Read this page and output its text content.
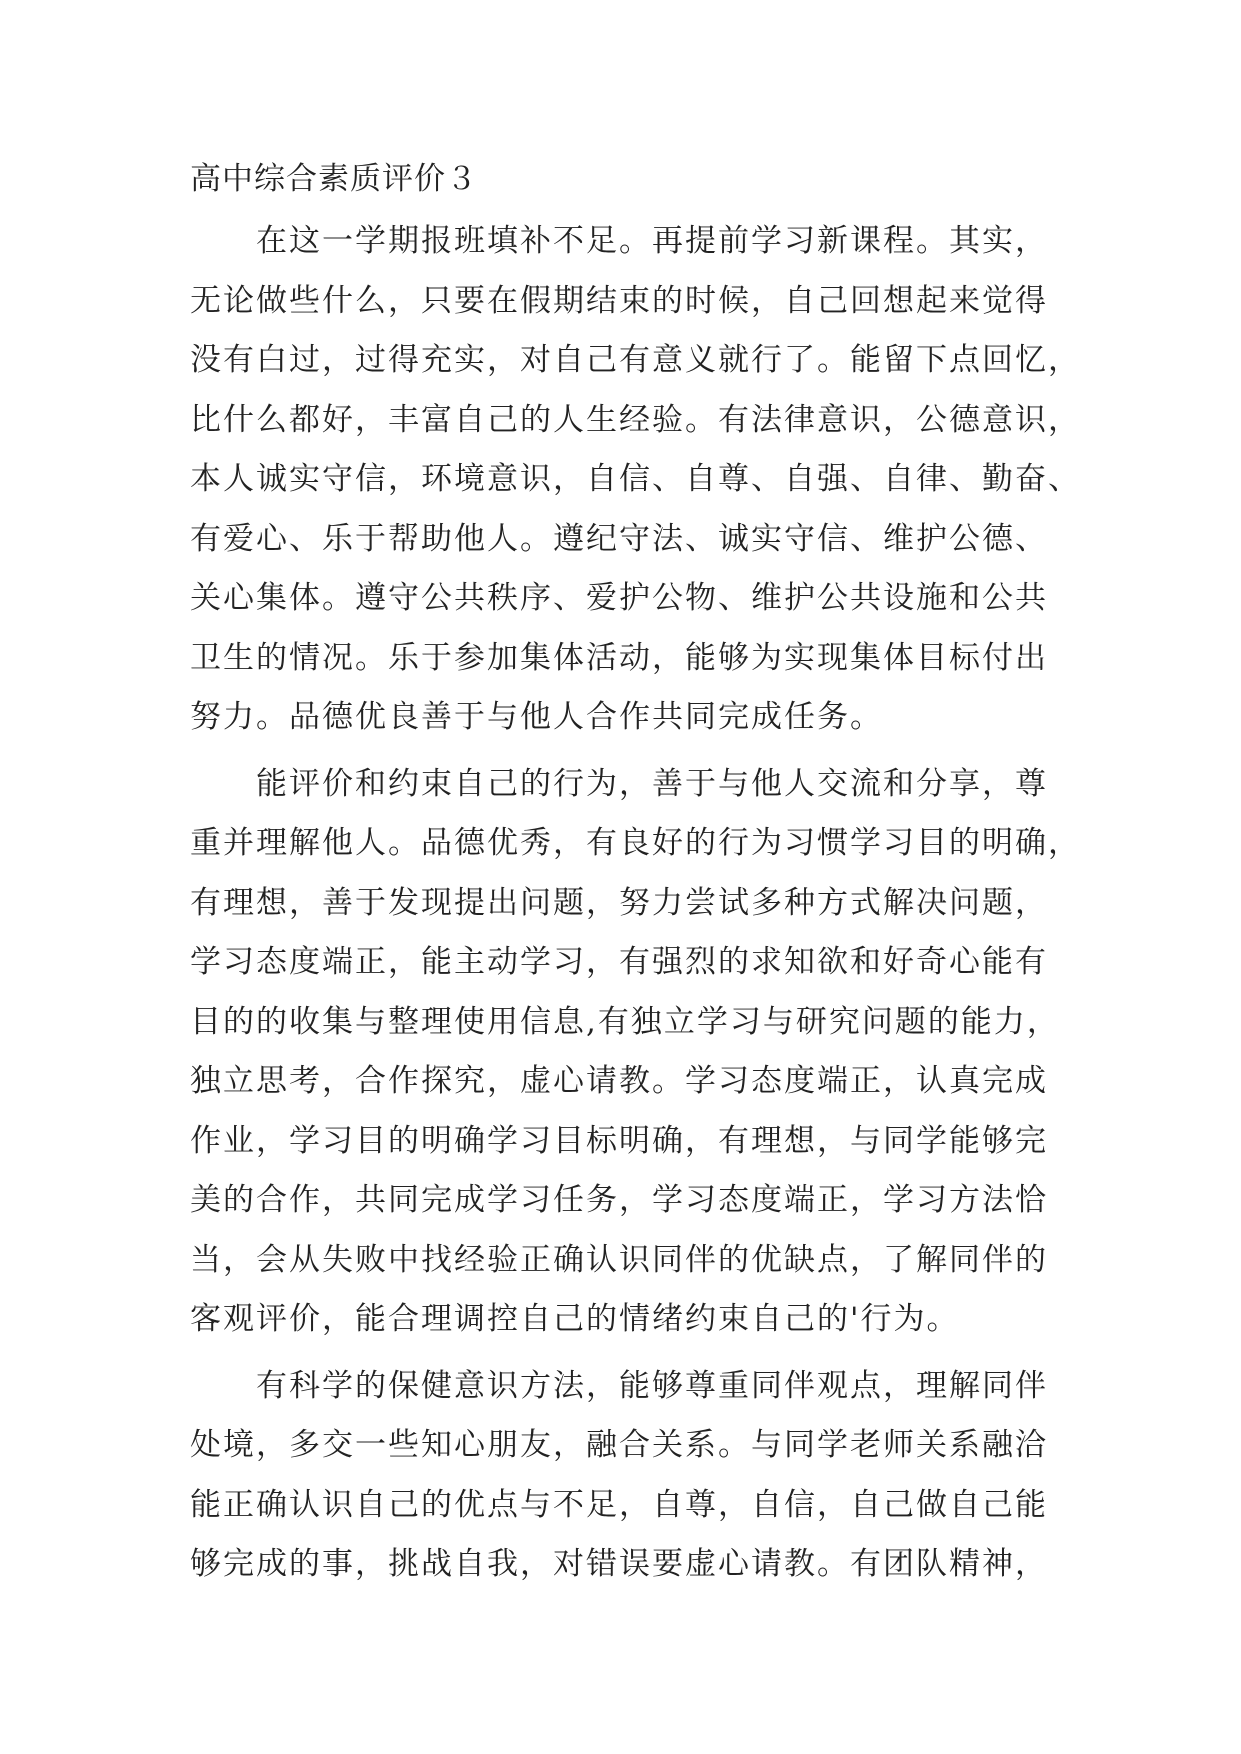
高中综合素质评价３

　　在这一学期报班填补不足。再提前学习新课程。其实，
无论做些什么，只要在假期结束的时候，自己回想起来觉得
没有白过，过得充实，对自己有意义就行了。能留下点回忆，
比什么都好，丰富自己的人生经验。有法律意识，公德意识，
本人诚实守信，环境意识，自信、自尊、自强、自律、勤奋、
有爱心、乐于帮助他人。遵纪守法、诚实守信、维护公德、
关心集体。遵守公共秩序、爱护公物、维护公共设施和公共
卫生的情况。乐于参加集体活动，能够为实现集体目标付出
努力。品德优良善于与他人合作共同完成任务。

　　能评价和约束自己的行为，善于与他人交流和分享，尊
重并理解他人。品德优秀，有良好的行为习惯学习目的明确，
有理想，善于发现提出问题，努力尝试多种方式解决问题，
学习态度端正，能主动学习，有强烈的求知欲和好奇心能有
目的的收集与整理使用信息,有独立学习与研究问题的能力，
独立思考，合作探究，虚心请教。学习态度端正，认真完成
作业，学习目的明确学习目标明确，有理想，与同学能够完
美的合作，共同完成学习任务，学习态度端正，学习方法恰
当，会从失败中找经验正确认识同伴的优缺点，了解同伴的
客观评价，能合理调控自己的情绪约束自己的'行为。

　　有科学的保健意识方法，能够尊重同伴观点，理解同伴
处境，多交一些知心朋友，融合关系。与同学老师关系融洽
能正确认识自己的优点与不足，自尊，自信，自己做自己能
够完成的事，挑战自我，对错误要虚心请教。有团队精神，
